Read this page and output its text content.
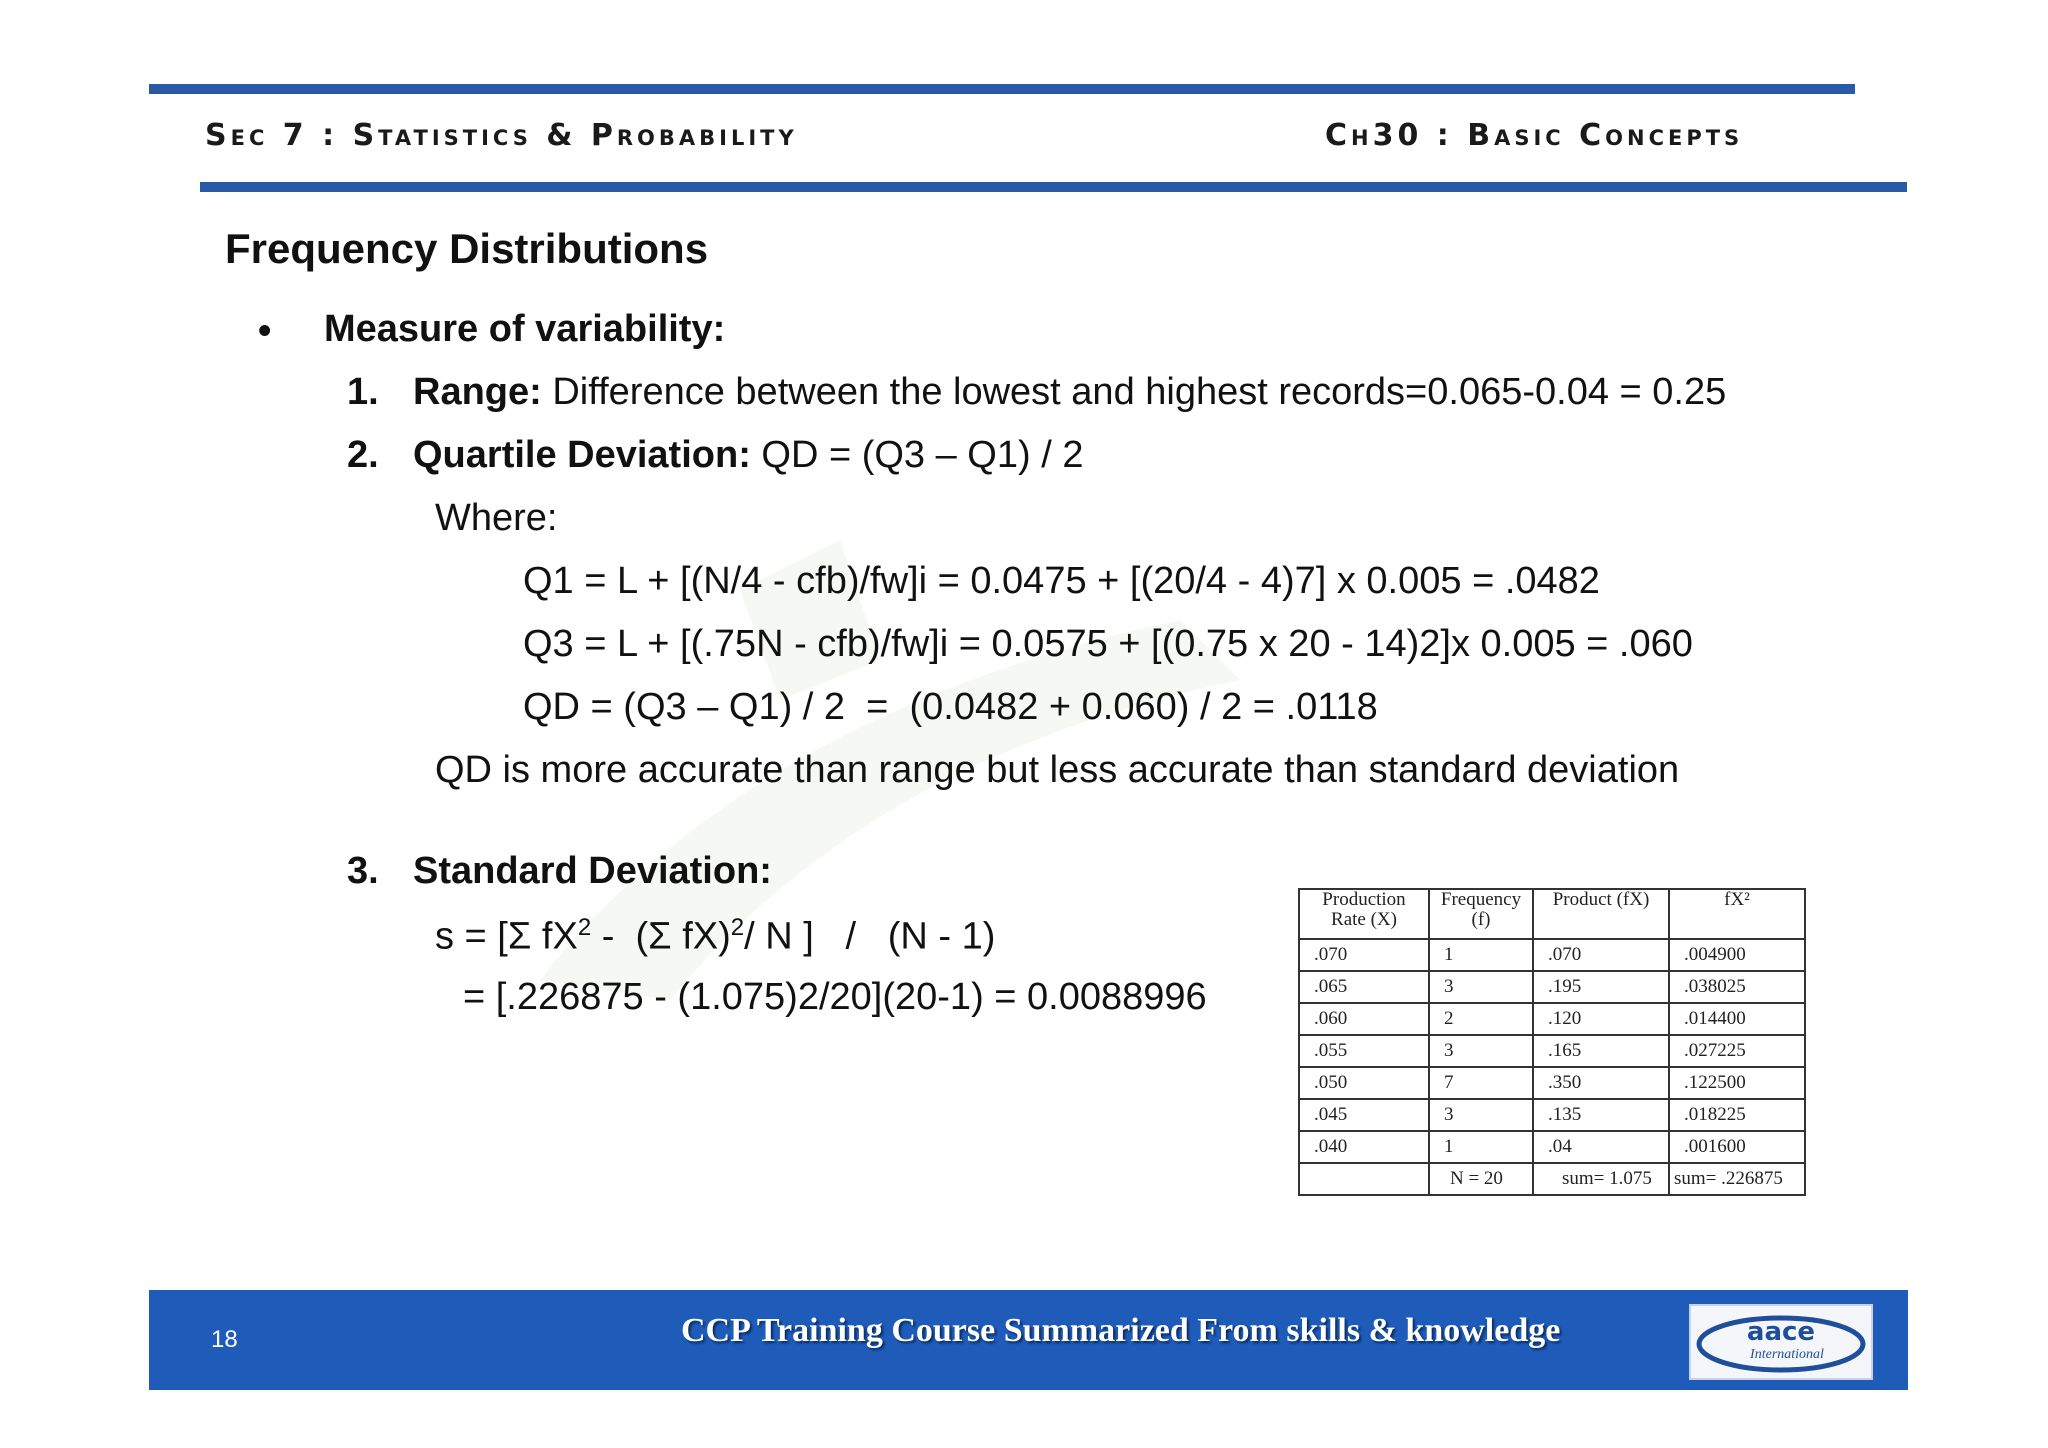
Sec 7 : Statistics & Probability	Ch30 : Basic Concepts
Frequency Distributions
• Measure of variability:
1. Range: Difference between the lowest and highest records=0.065-0.04 = 0.25
2. Quartile Deviation: QD = (Q3 – Q1) / 2
Where:
Q1 = L + [(N/4 - cfb)/fw]i = 0.0475 + [(20/4 - 4)7] x 0.005 = .0482
Q3 = L + [(.75N - cfb)/fw]i = 0.0575 + [(0.75 x 20 - 14)2]x 0.005 = .060
QD = (Q3 – Q1) / 2  =  (0.0482 + 0.060) / 2 = .0118
QD is more accurate than range but less accurate than standard deviation
3. Standard Deviation:
s = [Σ $fX^2 - (\Sigma$ fX)$^2$/ N ]   /   (N - 1)
= [.226875 - (1.075)2/20](20-1) = 0.0088996
Production Rate (X)	Frequency (f)	Product (fX)	fX²
.070	1	.070	.004900
.065	3	.195	.038025
.060	2	.120	.014400
.055	3	.165	.027225
.050	7	.350	.122500
.045	3	.135	.018225
.040	1	.04	.001600
	N = 20	sum= 1.075	sum= .226875
18	CCP Training Course Summarized From skills & knowledge	aace
International
